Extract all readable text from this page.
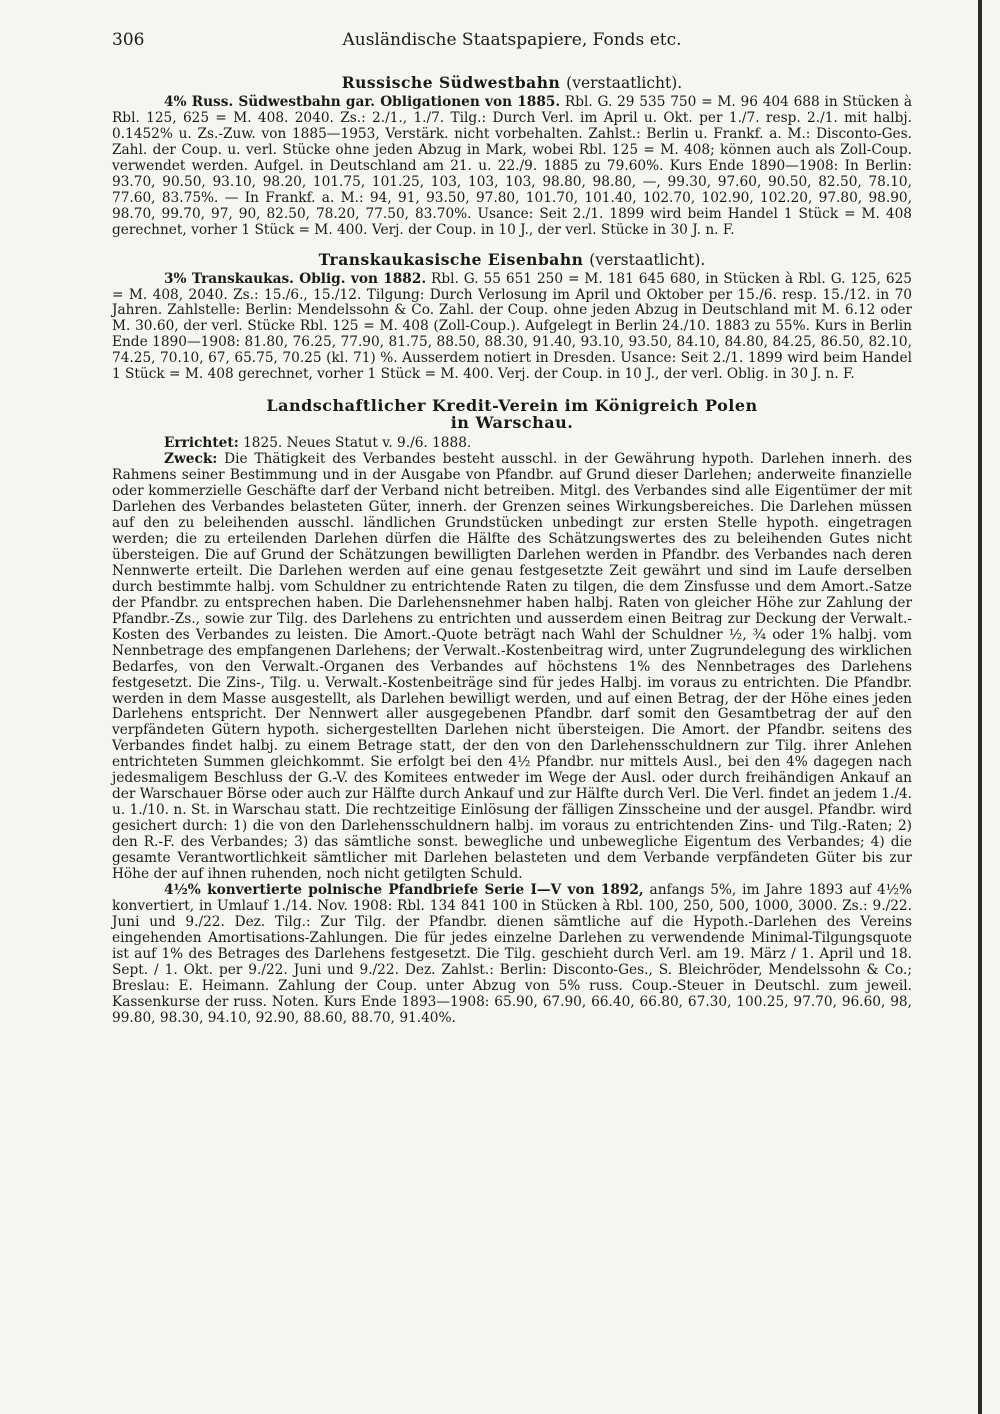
306	Ausländische Staatspapiere, Fonds etc.
Russische Südwestbahn (verstaatlicht).

4% Russ. Südwestbahn gar. Obligationen von 1885. Rbl. G. 29 535 750 = M. 96 404 688 in Stücken à Rbl. 125, 625 = M. 408. 2040. Zs.: 2./1., 1./7. Tilg.: Durch Verl. im April u. Okt. per 1./7. resp. 2./1. mit halbj. 0.1452% u. Zs.-Zuw. von 1885—1953, Verstärk. nicht vorbehalten. Zahlst.: Berlin u. Frankf. a. M.: Disconto-Ges. Zahl. der Coup. u. verl. Stücke ohne jeden Abzug in Mark, wobei Rbl. 125 = M. 408; können auch als Zoll-Coup. verwendet werden. Aufgel. in Deutschland am 21. u. 22./9. 1885 zu 79.60%. Kurs Ende 1890—1908: In Berlin: 93.70, 90.50, 93.10, 98.20, 101.75, 101.25, 103, 103, 103, 98.80, 98.80, —, 99.30, 97.60, 90.50, 82.50, 78.10, 77.60, 83.75%. — In Frankf. a. M.: 94, 91, 93.50, 97.80, 101.70, 101.40, 102.70, 102.90, 102.20, 97.80, 98.90, 98.70, 99.70, 97, 90, 82.50, 78.20, 77.50, 83.70%. Usance: Seit 2./1. 1899 wird beim Handel 1 Stück = M. 408 gerechnet, vorher 1 Stück = M. 400. Verj. der Coup. in 10 J., der verl. Stücke in 30 J. n. F.

Transkaukasische Eisenbahn (verstaatlicht).

3% Transkaukas. Oblig. von 1882. Rbl. G. 55 651 250 = M. 181 645 680, in Stücken à Rbl. G. 125, 625 = M. 408, 2040. Zs.: 15./6., 15./12. Tilgung: Durch Verlosung im April und Oktober per 15./6. resp. 15./12. in 70 Jahren. Zahlstelle: Berlin: Mendelssohn & Co. Zahl. der Coup. ohne jeden Abzug in Deutschland mit M. 6.12 oder M. 30.60, der verl. Stücke Rbl. 125 = M. 408 (Zoll-Coup.). Aufgelegt in Berlin 24./10. 1883 zu 55%. Kurs in Berlin Ende 1890—1908: 81.80, 76.25, 77.90, 81.75, 88.50, 88.30, 91.40, 93.10, 93.50, 84.10, 84.80, 84.25, 86.50, 82.10, 74.25, 70.10, 67, 65.75, 70.25 (kl. 71) %. Ausserdem notiert in Dresden. Usance: Seit 2./1. 1899 wird beim Handel 1 Stück = M. 408 gerechnet, vorher 1 Stück = M. 400. Verj. der Coup. in 10 J., der verl. Oblig. in 30 J. n. F.

Landschaftlicher Kredit-Verein im Königreich Polen
in Warschau.

Errichtet: 1825. Neues Statut v. 9./6. 1888.

Zweck: Die Thätigkeit des Verbandes besteht ausschl. in der Gewährung hypoth. Darlehen innerh. des Rahmens seiner Bestimmung und in der Ausgabe von Pfandbr. auf Grund dieser Darlehen; anderweite finanzielle oder kommerzielle Geschäfte darf der Verband nicht betreiben. Mitgl. des Verbandes sind alle Eigentümer der mit Darlehen des Verbandes belasteten Güter, innerh. der Grenzen seines Wirkungsbereiches. Die Darlehen müssen auf den zu beleihenden ausschl. ländlichen Grundstücken unbedingt zur ersten Stelle hypoth. eingetragen werden; die zu erteilenden Darlehen dürfen die Hälfte des Schätzungswertes des zu beleihenden Gutes nicht übersteigen. Die auf Grund der Schätzungen bewilligten Darlehen werden in Pfandbr. des Verbandes nach deren Nennwerte erteilt. Die Darlehen werden auf eine genau festgesetzte Zeit gewährt und sind im Laufe derselben durch bestimmte halbj. vom Schuldner zu entrichtende Raten zu tilgen, die dem Zinsfusse und dem Amort.-Satze der Pfandbr. zu entsprechen haben. Die Darlehensnehmer haben halbj. Raten von gleicher Höhe zur Zahlung der Pfandbr.-Zs., sowie zur Tilg. des Darlehens zu entrichten und ausserdem einen Beitrag zur Deckung der Verwalt.-Kosten des Verbandes zu leisten. Die Amort.-Quote beträgt nach Wahl der Schuldner ½, ¾ oder 1% halbj. vom Nennbetrage des empfangenen Darlehens; der Verwalt.-Kostenbeitrag wird, unter Zugrundelegung des wirklichen Bedarfes, von den Verwalt.-Organen des Verbandes auf höchstens 1% des Nennbetrages des Darlehens festgesetzt. Die Zins-, Tilg. u. Verwalt.-Kostenbeiträge sind für jedes Halbj. im voraus zu entrichten. Die Pfandbr. werden in dem Masse ausgestellt, als Darlehen bewilligt werden, und auf einen Betrag, der der Höhe eines jeden Darlehens entspricht. Der Nennwert aller ausgegebenen Pfandbr. darf somit den Gesamtbetrag der auf den verpfändeten Gütern hypoth. sichergestellten Darlehen nicht übersteigen. Die Amort. der Pfandbr. seitens des Verbandes findet halbj. zu einem Betrage statt, der den von den Darlehensschuldnern zur Tilg. ihrer Anlehen entrichteten Summen gleichkommt. Sie erfolgt bei den 4½ Pfandbr. nur mittels Ausl., bei den 4% dagegen nach jedesmaligem Beschluss der G.-V. des Komitees entweder im Wege der Ausl. oder durch freihändigen Ankauf an der Warschauer Börse oder auch zur Hälfte durch Ankauf und zur Hälfte durch Verl. Die Verl. findet an jedem 1./4. u. 1./10. n. St. in Warschau statt. Die rechtzeitige Einlösung der fälligen Zinsscheine und der ausgel. Pfandbr. wird gesichert durch: 1) die von den Darlehensschuldnern halbj. im voraus zu entrichtenden Zins- und Tilg.-Raten; 2) den R.-F. des Verbandes; 3) das sämtliche sonst. bewegliche und unbewegliche Eigentum des Verbandes; 4) die gesamte Verantwortlichkeit sämtlicher mit Darlehen belasteten und dem Verbande verpfändeten Güter bis zur Höhe der auf ihnen ruhenden, noch nicht getilgten Schuld.

4½% konvertierte polnische Pfandbriefe Serie I—V von 1892, anfangs 5%, im Jahre 1893 auf 4½% konvertiert, in Umlauf 1./14. Nov. 1908: Rbl. 134 841 100 in Stücken à Rbl. 100, 250, 500, 1000, 3000. Zs.: 9./22. Juni und 9./22. Dez. Tilg.: Zur Tilg. der Pfandbr. dienen sämtliche auf die Hypoth.-Darlehen des Vereins eingehenden Amortisations-Zahlungen. Die für jedes einzelne Darlehen zu verwendende Minimal-Tilgungsquote ist auf 1% des Betrages des Darlehens festgesetzt. Die Tilg. geschieht durch Verl. am 19. März / 1. April und 18. Sept. / 1. Okt. per 9./22. Juni und 9./22. Dez. Zahlst.: Berlin: Disconto-Ges., S. Bleichröder, Mendelssohn & Co.; Breslau: E. Heimann. Zahlung der Coup. unter Abzug von 5% russ. Coup.-Steuer in Deutschl. zum jeweil. Kassenkurse der russ. Noten. Kurs Ende 1893—1908: 65.90, 67.90, 66.40, 66.80, 67.30, 100.25, 97.70, 96.60, 98, 99.80, 98.30, 94.10, 92.90, 88.60, 88.70, 91.40%.
